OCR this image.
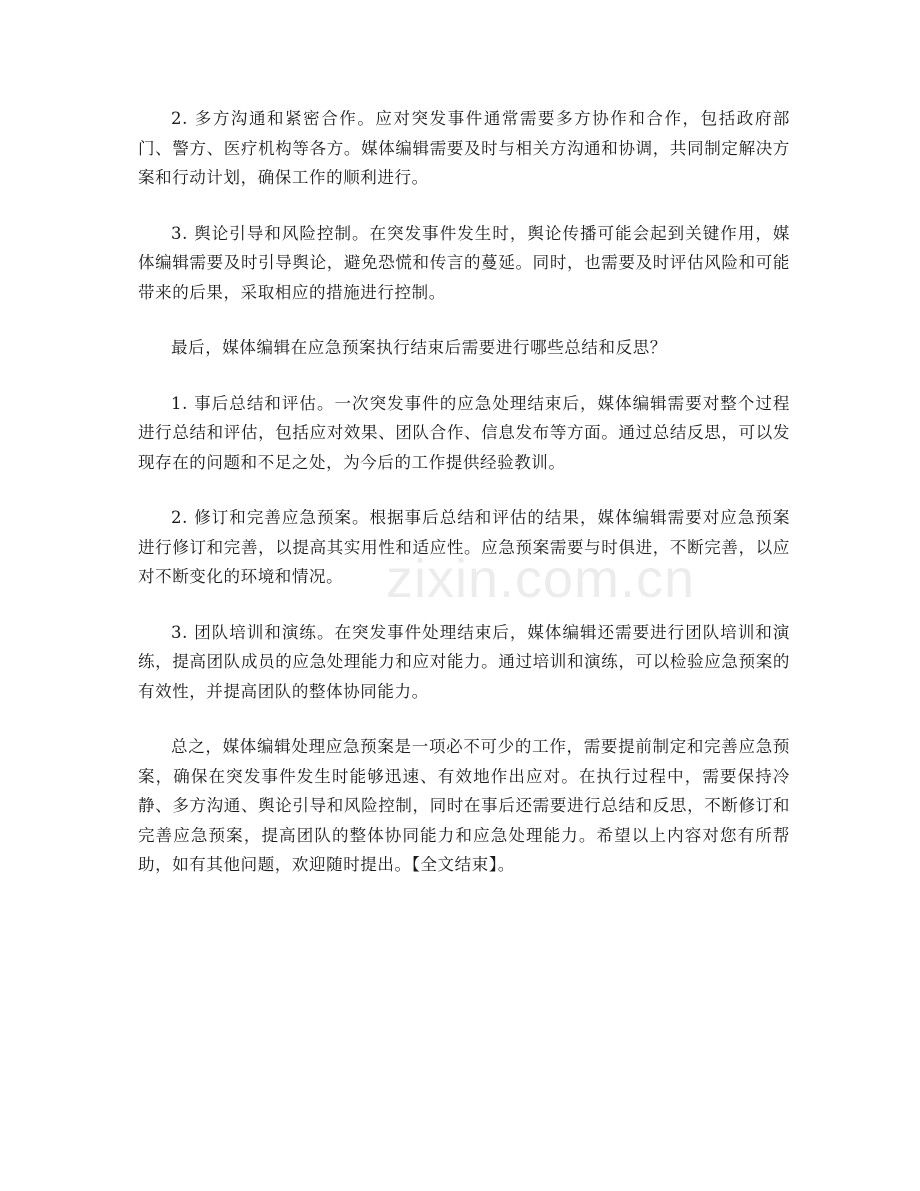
2. 多方沟通和紧密合作。应对突发事件通常需要多方协作和合作，包括政府部门、警方、医疗机构等各方。媒体编辑需要及时与相关方沟通和协调，共同制定解决方案和行动计划，确保工作的顺利进行。

3. 舆论引导和风险控制。在突发事件发生时，舆论传播可能会起到关键作用，媒体编辑需要及时引导舆论，避免恐慌和传言的蔓延。同时，也需要及时评估风险和可能带来的后果，采取相应的措施进行控制。

最后，媒体编辑在应急预案执行结束后需要进行哪些总结和反思？

1. 事后总结和评估。一次突发事件的应急处理结束后，媒体编辑需要对整个过程进行总结和评估，包括应对效果、团队合作、信息发布等方面。通过总结反思，可以发现存在的问题和不足之处，为今后的工作提供经验教训。

2. 修订和完善应急预案。根据事后总结和评估的结果，媒体编辑需要对应急预案进行修订和完善，以提高其实用性和适应性。应急预案需要与时俱进，不断完善，以应对不断变化的环境和情况。

3. 团队培训和演练。在突发事件处理结束后，媒体编辑还需要进行团队培训和演练，提高团队成员的应急处理能力和应对能力。通过培训和演练，可以检验应急预案的有效性，并提高团队的整体协同能力。

总之，媒体编辑处理应急预案是一项必不可少的工作，需要提前制定和完善应急预案，确保在突发事件发生时能够迅速、有效地作出应对。在执行过程中，需要保持冷静、多方沟通、舆论引导和风险控制，同时在事后还需要进行总结和反思，不断修订和完善应急预案，提高团队的整体协同能力和应急处理能力。希望以上内容对您有所帮助，如有其他问题，欢迎随时提出。【全文结束】。

zixin.com.cn
